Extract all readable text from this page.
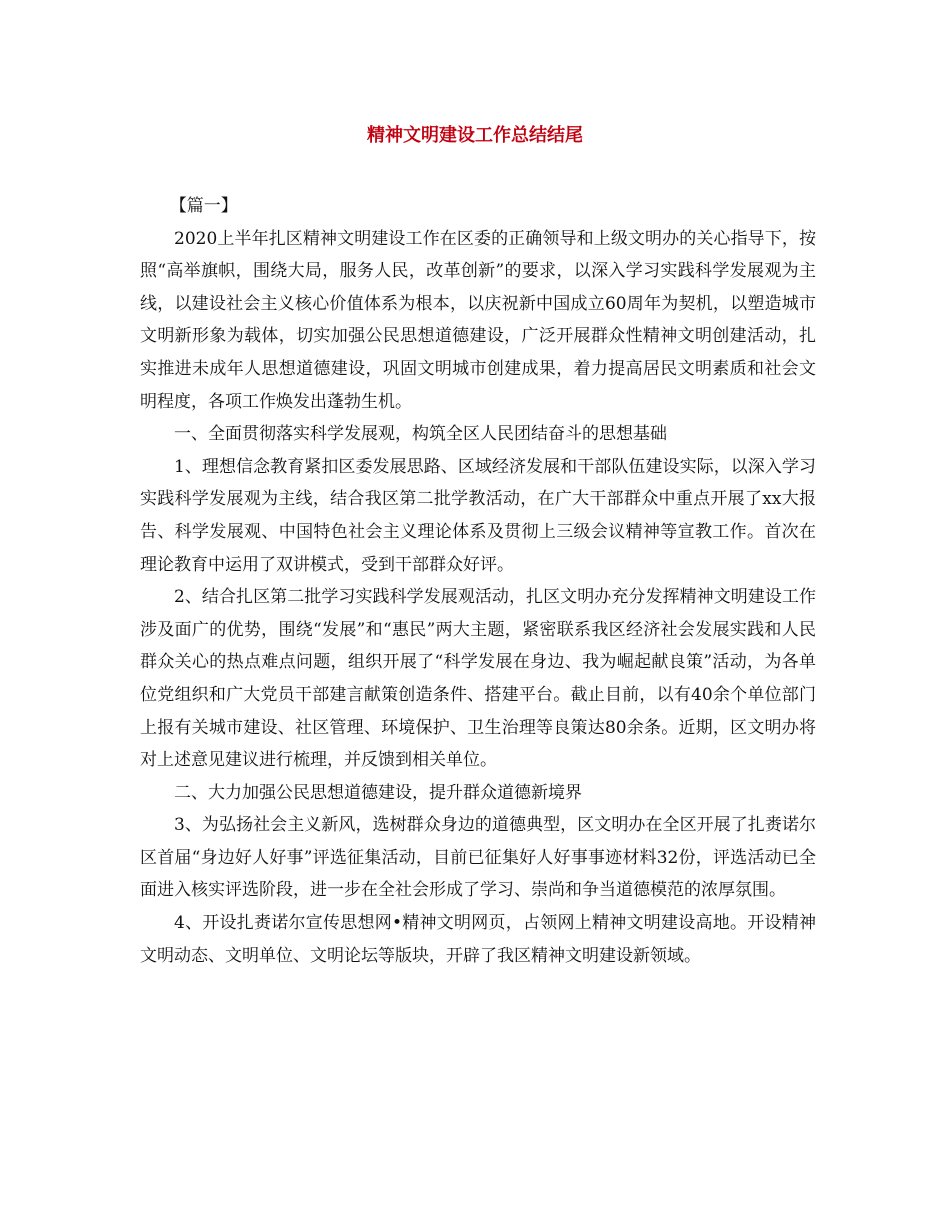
精神文明建设工作总结结尾

【篇一】

2020上半年扎区精神文明建设工作在区委的正确领导和上级文明办的关心指导下，按照“高举旗帜，围绕大局，服务人民，改革创新”的要求，以深入学习实践科学发展观为主线，以建设社会主义核心价值体系为根本，以庆祝新中国成立60周年为契机，以塑造城市文明新形象为载体，切实加强公民思想道德建设，广泛开展群众性精神文明创建活动，扎实推进未成年人思想道德建设，巩固文明城市创建成果，着力提高居民文明素质和社会文明程度，各项工作焕发出蓬勃生机。

一、全面贯彻落实科学发展观，构筑全区人民团结奋斗的思想基础

1、理想信念教育紧扣区委发展思路、区域经济发展和干部队伍建设实际，以深入学习实践科学发展观为主线，结合我区第二批学教活动，在广大干部群众中重点开展了xx大报告、科学发展观、中国特色社会主义理论体系及贯彻上三级会议精神等宣教工作。首次在理论教育中运用了双讲模式，受到干部群众好评。

2、结合扎区第二批学习实践科学发展观活动，扎区文明办充分发挥精神文明建设工作涉及面广的优势，围绕“发展”和“惠民”两大主题，紧密联系我区经济社会发展实践和人民群众关心的热点难点问题，组织开展了“科学发展在身边、我为崛起献良策”活动，为各单位党组织和广大党员干部建言献策创造条件、搭建平台。截止目前，以有40余个单位部门上报有关城市建设、社区管理、环境保护、卫生治理等良策达80余条。近期，区文明办将对上述意见建议进行梳理，并反馈到相关单位。

二、大力加强公民思想道德建设，提升群众道德新境界

3、为弘扬社会主义新风，选树群众身边的道德典型，区文明办在全区开展了扎赉诺尔区首届“身边好人好事”评选征集活动，目前已征集好人好事事迹材料32份，评选活动已全面进入核实评选阶段，进一步在全社会形成了学习、崇尚和争当道德模范的浓厚氛围。

4、开设扎赉诺尔宣传思想网•精神文明网页，占领网上精神文明建设高地。开设精神文明动态、文明单位、文明论坛等版块，开辟了我区精神文明建设新领域。
